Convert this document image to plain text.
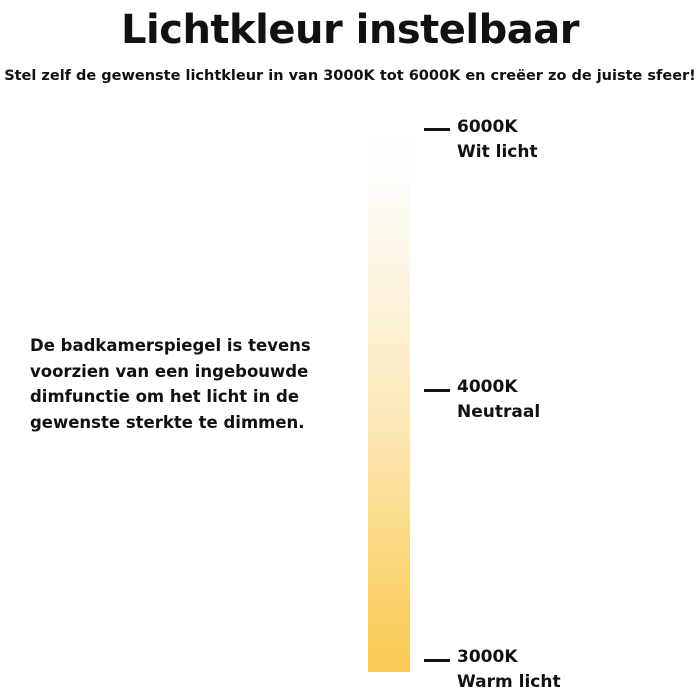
Lichtkleur instelbaar
Stel zelf de gewenste lichtkleur in van 3000K tot 6000K en creëer zo de juiste sfeer!
De badkamerspiegel is tevens voorzien van een ingebouwde dimfunctie om het licht in de gewenste sterkte te dimmen.
6000K
Wit licht
4000K
Neutraal
3000K
Warm licht
